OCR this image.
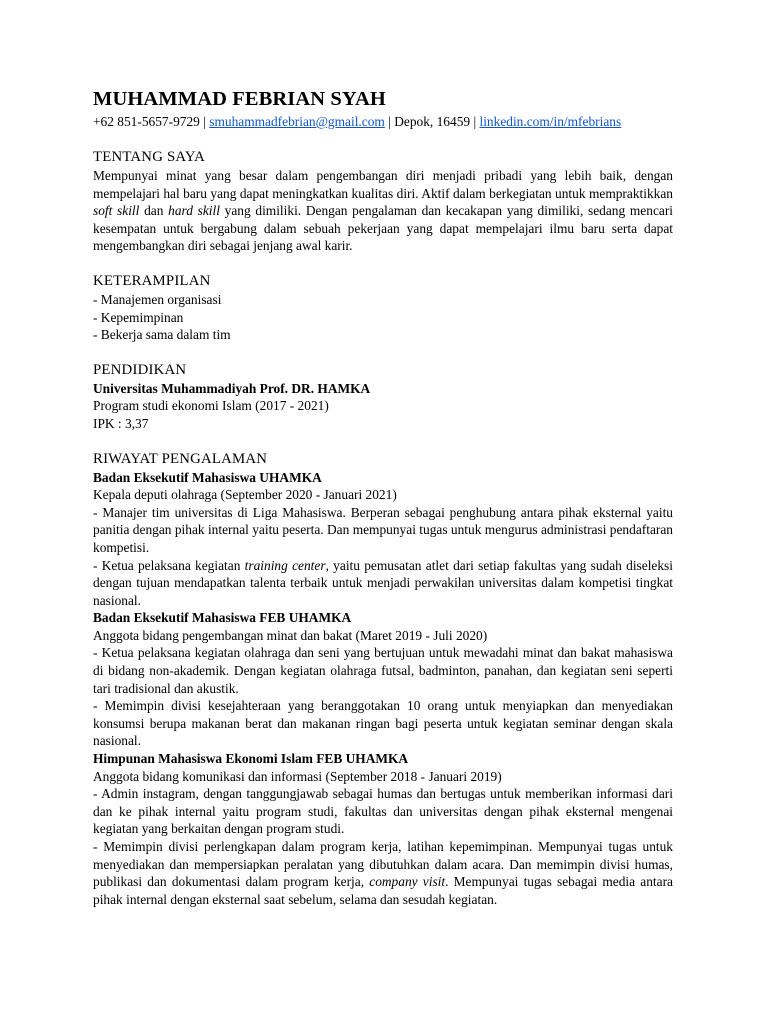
MUHAMMAD FEBRIAN SYAH
+62 851-5657-9729 | smuhammadfebrian@gmail.com | Depok, 16459 | linkedin.com/in/mfebrians
TENTANG SAYA

Mempunyai minat yang besar dalam pengembangan diri menjadi pribadi yang lebih baik, dengan mempelajari hal baru yang dapat meningkatkan kualitas diri. Aktif dalam berkegiatan untuk mempraktikkan soft skill dan hard skill yang dimiliki. Dengan pengalaman dan kecakapan yang dimiliki, sedang mencari kesempatan untuk bergabung dalam sebuah pekerjaan yang dapat mempelajari ilmu baru serta dapat mengembangkan diri sebagai jenjang awal karir.

KETERAMPILAN
- Manajemen organisasi
- Kepemimpinan
- Bekerja sama dalam tim
PENDIDIKAN
Universitas Muhammadiyah Prof. DR. HAMKA
Program studi ekonomi Islam (2017 - 2021)
IPK : 3,37
RIWAYAT PENGALAMAN
Badan Eksekutif Mahasiswa UHAMKA
Kepala deputi olahraga (September 2020 - Januari 2021)

- Manajer tim universitas di Liga Mahasiswa. Berperan sebagai penghubung antara pihak eksternal yaitu panitia dengan pihak internal yaitu peserta. Dan mempunyai tugas untuk mengurus administrasi pendaftaran kompetisi.

- Ketua pelaksana kegiatan training center, yaitu pemusatan atlet dari setiap fakultas yang sudah diseleksi dengan tujuan mendapatkan talenta terbaik untuk menjadi perwakilan universitas dalam kompetisi tingkat nasional.

Badan Eksekutif Mahasiswa FEB UHAMKA
Anggota bidang pengembangan minat dan bakat (Maret 2019 - Juli 2020)

- Ketua pelaksana kegiatan olahraga dan seni yang bertujuan untuk mewadahi minat dan bakat mahasiswa di bidang non-akademik. Dengan kegiatan olahraga futsal, badminton, panahan, dan kegiatan seni seperti tari tradisional dan akustik.

- Memimpin divisi kesejahteraan yang beranggotakan 10 orang untuk menyiapkan dan menyediakan konsumsi berupa makanan berat dan makanan ringan bagi peserta untuk kegiatan seminar dengan skala nasional.

Himpunan Mahasiswa Ekonomi Islam FEB UHAMKA
Anggota bidang komunikasi dan informasi (September 2018 - Januari 2019)

- Admin instagram, dengan tanggungjawab sebagai humas dan bertugas untuk memberikan informasi dari dan ke pihak internal yaitu program studi, fakultas dan universitas dengan pihak eksternal mengenai kegiatan yang berkaitan dengan program studi.

- Memimpin divisi perlengkapan dalam program kerja, latihan kepemimpinan. Mempunyai tugas untuk menyediakan dan mempersiapkan peralatan yang dibutuhkan dalam acara. Dan memimpin divisi humas, publikasi dan dokumentasi dalam program kerja, company visit. Mempunyai tugas sebagai media antara pihak internal dengan eksternal saat sebelum, selama dan sesudah kegiatan.
